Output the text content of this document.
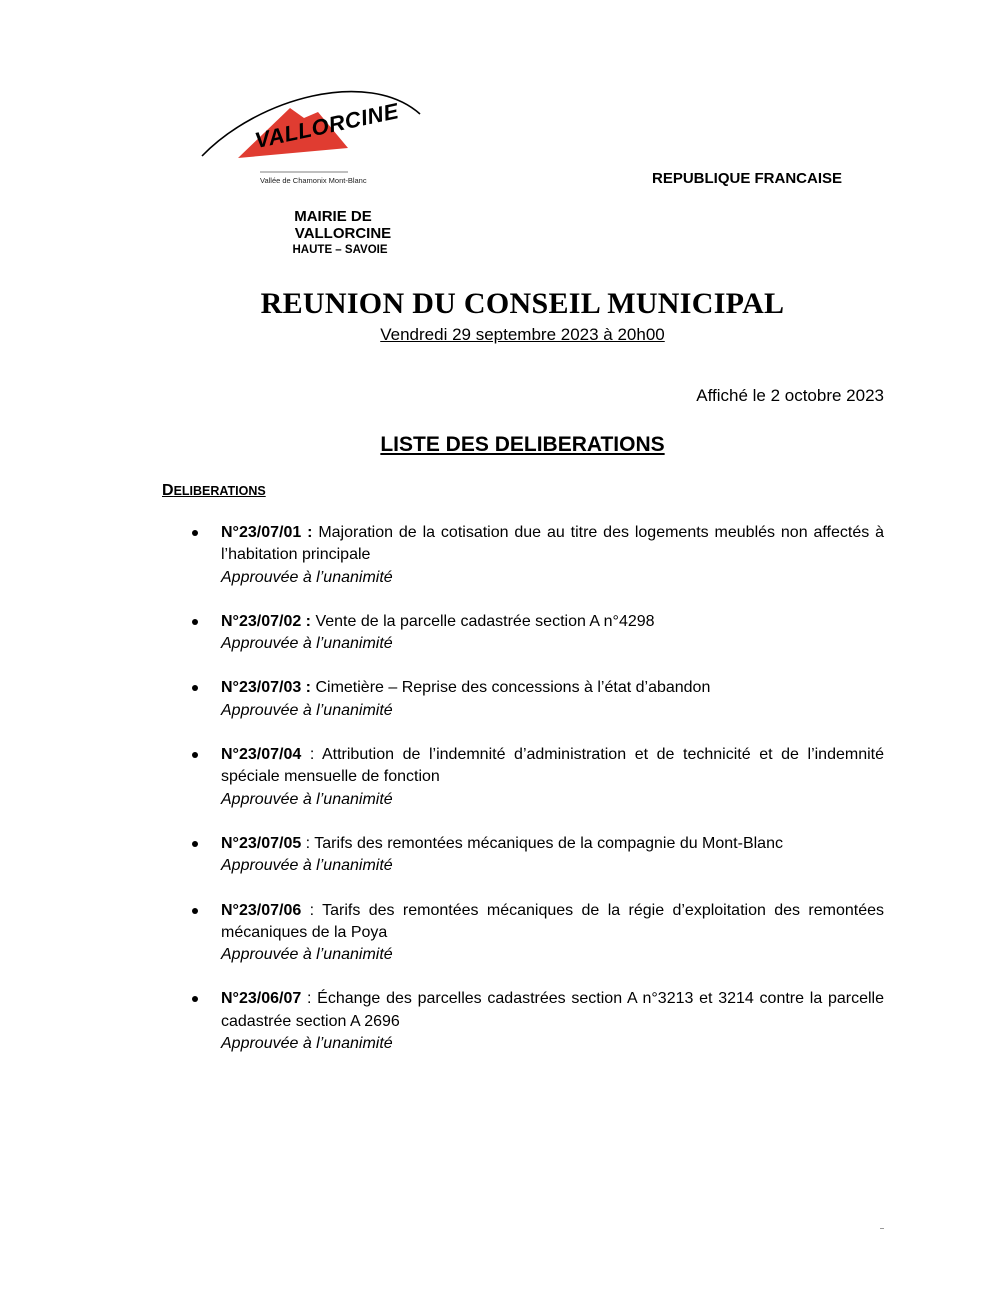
VALLORCINE
Vallée de Chamonix Mont-Blanc	REPUBLIQUE FRANCAISE
MAIRIE DE
VALLORCINE
HAUTE – SAVOIE
REUNION DU CONSEIL MUNICIPAL
Vendredi 29 septembre 2023 à 20h00
Affiché le 2 octobre 2023
LISTE DES DELIBERATIONS
DELIBERATIONS
N°23/07/01 : Majoration de la cotisation due au titre des logements meublés non affectés à l’habitation principale
Approuvée à l’unanimité
N°23/07/02 : Vente de la parcelle cadastrée section A n°4298
Approuvée à l’unanimité
N°23/07/03 : Cimetière – Reprise des concessions à l’état d’abandon
Approuvée à l’unanimité
N°23/07/04 : Attribution de l’indemnité d’administration et de technicité et de l’indemnité spéciale mensuelle de fonction
Approuvée à l’unanimité
N°23/07/05 : Tarifs des remontées mécaniques de la compagnie du Mont-Blanc
Approuvée à l’unanimité
N°23/07/06 : Tarifs des remontées mécaniques de la régie d’exploitation des remontées mécaniques de la Poya
Approuvée à l’unanimité
N°23/06/07 : Échange des parcelles cadastrées section A n°3213 et 3214 contre la parcelle cadastrée section A 2696
Approuvée à l’unanimité
